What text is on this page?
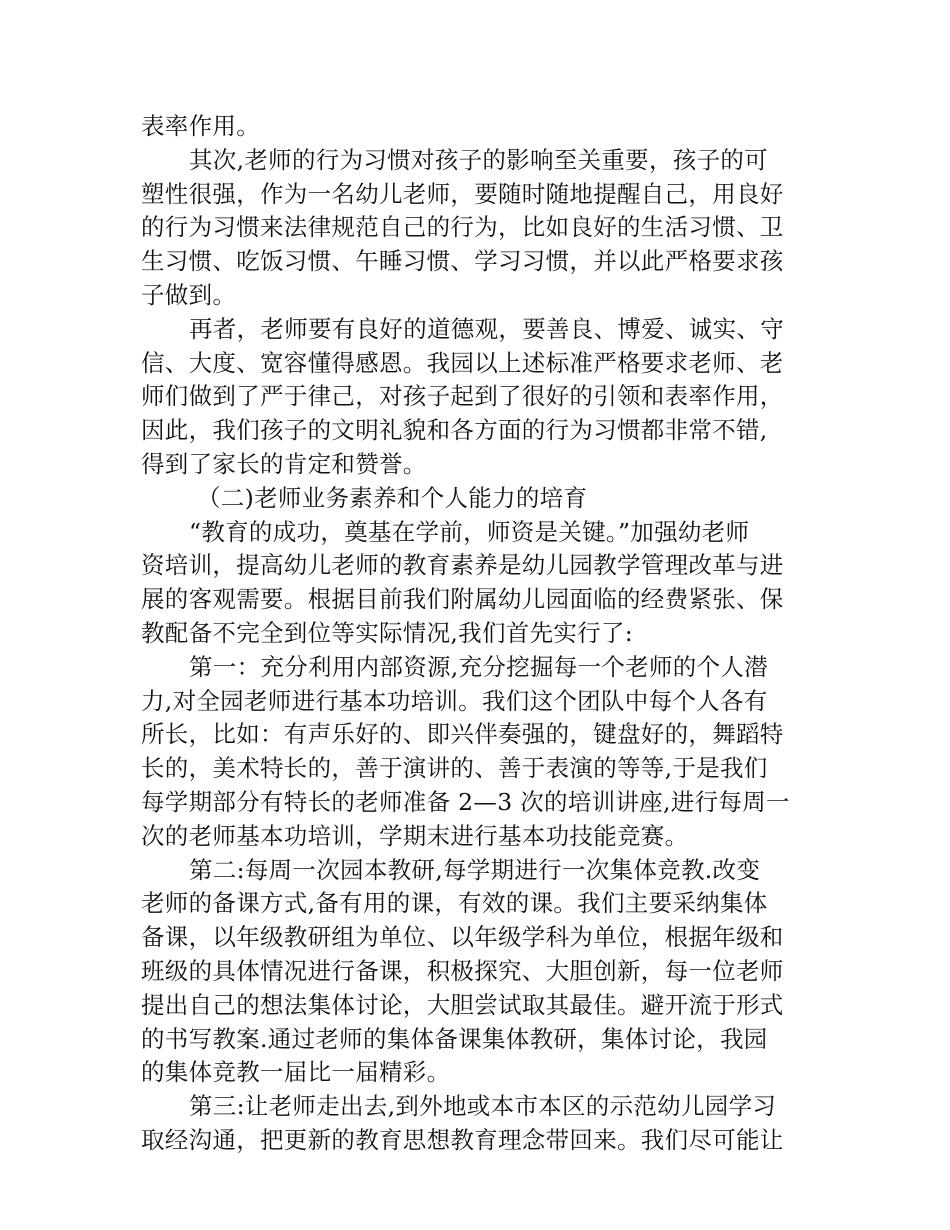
表率作用。
其次,老师的行为习惯对孩子的影响至关重要，孩子的可
塑性很强，作为一名幼儿老师，要随时随地提醒自己，用良好
的行为习惯来法律规范自己的行为，比如良好的生活习惯、卫
生习惯、吃饭习惯、午睡习惯、学习习惯，并以此严格要求孩
子做到。
再者，老师要有良好的道德观，要善良、博爱、诚实、守
信、大度、宽容懂得感恩。我园以上述标准严格要求老师、老
师们做到了严于律己，对孩子起到了很好的引领和表率作用，
因此，我们孩子的文明礼貌和各方面的行为习惯都非常不错,
得到了家长的肯定和赞誉。
（二)老师业务素养和个人能力的培育
“教育的成功，奠基在学前，师资是关键。”加强幼老师
资培训，提高幼儿老师的教育素养是幼儿园教学管理改革与进
展的客观需要。根据目前我们附属幼儿园面临的经费紧张、保
教配备不完全到位等实际情况,我们首先实行了:
第一：充分利用内部资源,充分挖掘每一个老师的个人潜
力,对全园老师进行基本功培训。我们这个团队中每个人各有
所长，比如：有声乐好的、即兴伴奏强的，键盘好的，舞蹈特
长的，美术特长的，善于演讲的、善于表演的等等,于是我们
每学期部分有特长的老师准备 2—3 次的培训讲座,进行每周一
次的老师基本功培训，学期末进行基本功技能竞赛。
第二:每周一次园本教研,每学期进行一次集体竞教.改变
老师的备课方式,备有用的课，有效的课。我们主要采纳集体
备课，以年级教研组为单位、以年级学科为单位，根据年级和
班级的具体情况进行备课，积极探究、大胆创新，每一位老师
提出自己的想法集体讨论，大胆尝试取其最佳。避开流于形式
的书写教案.通过老师的集体备课集体教研，集体讨论，我园
的集体竞教一届比一届精彩。
第三:让老师走出去,到外地或本市本区的示范幼儿园学习
取经沟通，把更新的教育思想教育理念带回来。我们尽可能让
